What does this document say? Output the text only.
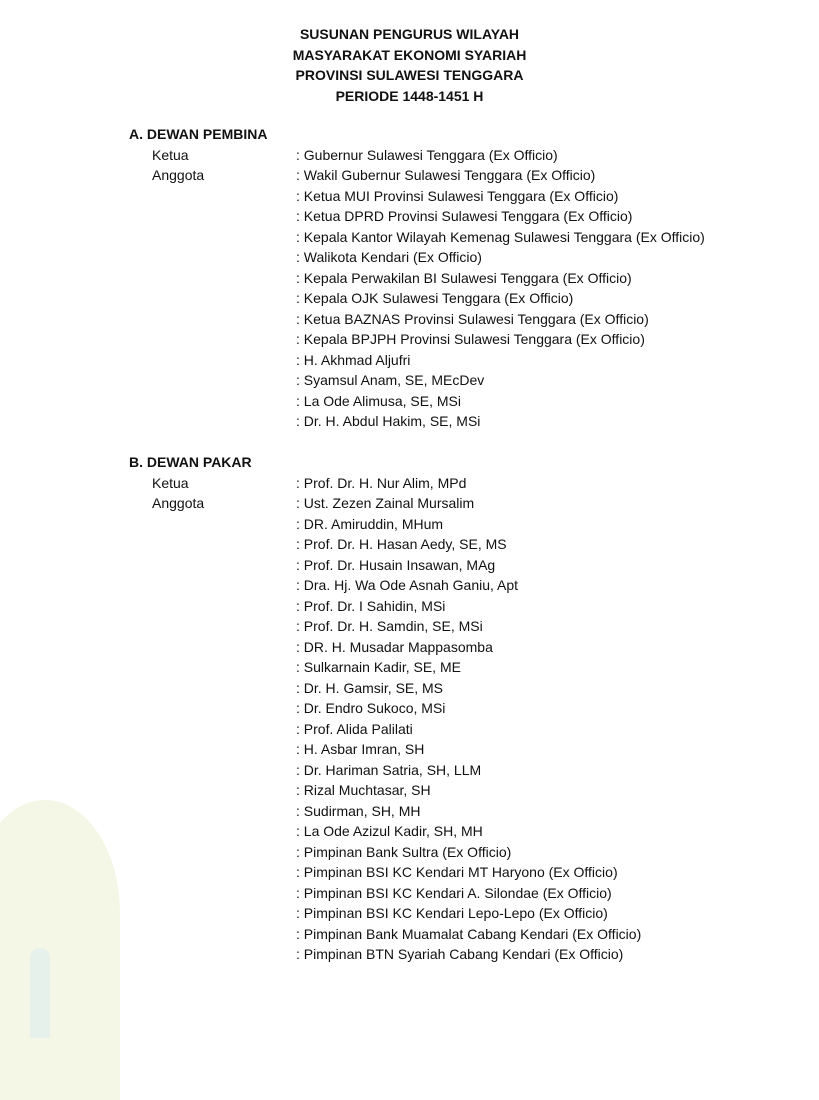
SUSUNAN PENGURUS WILAYAH
MASYARAKAT EKONOMI SYARIAH
PROVINSI SULAWESI TENGGARA
PERIODE 1448-1451 H
A. DEWAN PEMBINA
Ketua	: Gubernur Sulawesi Tenggara (Ex Officio)
Anggota	: Wakil Gubernur Sulawesi Tenggara (Ex Officio)
: Ketua MUI Provinsi Sulawesi Tenggara (Ex Officio)
: Ketua DPRD Provinsi Sulawesi Tenggara (Ex Officio)
: Kepala Kantor Wilayah Kemenag Sulawesi Tenggara (Ex Officio)
: Walikota Kendari (Ex Officio)
: Kepala Perwakilan BI Sulawesi Tenggara (Ex Officio)
: Kepala OJK Sulawesi Tenggara (Ex Officio)
: Ketua BAZNAS Provinsi Sulawesi Tenggara (Ex Officio)
: Kepala BPJPH Provinsi Sulawesi Tenggara (Ex Officio)
: H. Akhmad Aljufri
: Syamsul Anam, SE, MEcDev
: La Ode Alimusa, SE, MSi
: Dr. H. Abdul Hakim, SE, MSi
B. DEWAN PAKAR
Ketua	: Prof. Dr. H. Nur Alim, MPd
Anggota	: Ust. Zezen Zainal Mursalim
: DR. Amiruddin, MHum
: Prof. Dr. H. Hasan Aedy, SE, MS
: Prof. Dr. Husain Insawan, MAg
: Dra. Hj. Wa Ode Asnah Ganiu, Apt
: Prof. Dr. I Sahidin, MSi
: Prof. Dr. H. Samdin, SE, MSi
: DR. H. Musadar Mappasomba
: Sulkarnain Kadir, SE, ME
: Dr. H. Gamsir, SE, MS
: Dr. Endro Sukoco, MSi
: Prof. Alida Palilati
: H. Asbar Imran, SH
: Dr. Hariman Satria, SH, LLM
: Rizal Muchtasar, SH
: Sudirman, SH, MH
: La Ode Azizul Kadir, SH, MH
: Pimpinan Bank Sultra (Ex Officio)
: Pimpinan BSI KC Kendari MT Haryono (Ex Officio)
: Pimpinan BSI KC Kendari A. Silondae (Ex Officio)
: Pimpinan BSI KC Kendari Lepo-Lepo (Ex Officio)
: Pimpinan Bank Muamalat Cabang Kendari (Ex Officio)
: Pimpinan BTN Syariah Cabang Kendari (Ex Officio)
